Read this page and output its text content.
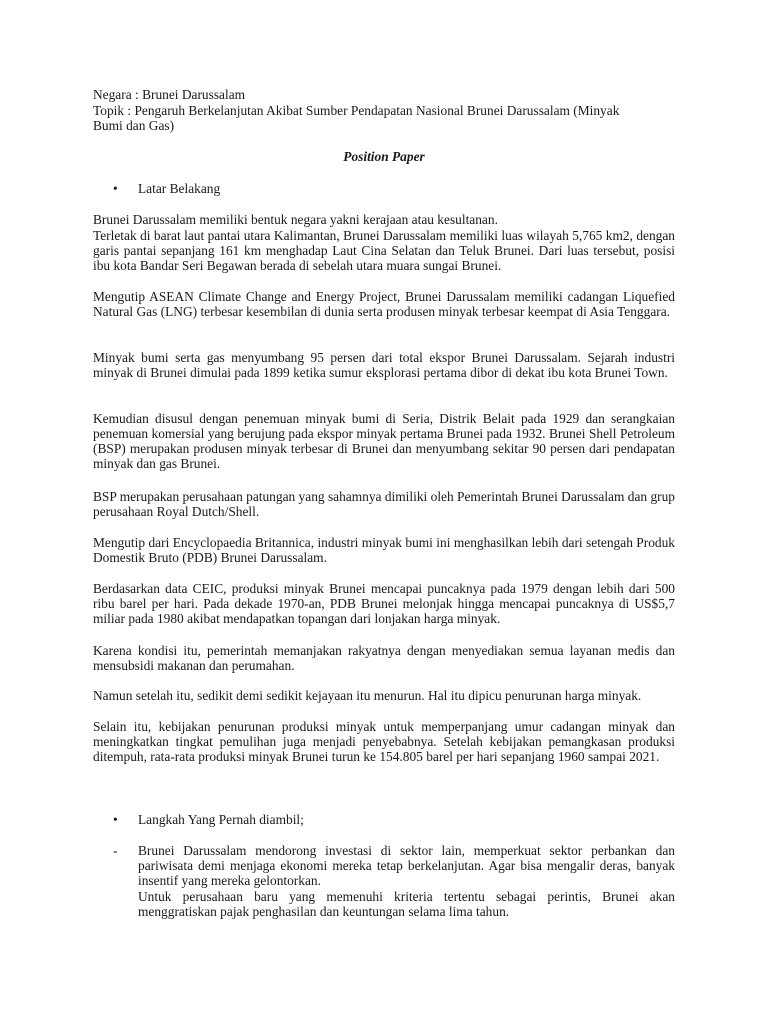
Negara : Brunei Darussalam
Topik : Pengaruh Berkelanjutan Akibat Sumber Pendapatan Nasional Brunei Darussalam (Minyak
Bumi dan Gas)
Position Paper
• Latar Belakang
Brunei Darussalam memiliki bentuk negara yakni kerajaan atau kesultanan.
Terletak di barat laut pantai utara Kalimantan, Brunei Darussalam memiliki luas wilayah 5,765 km2, dengan garis pantai sepanjang 161 km menghadap Laut Cina Selatan dan Teluk Brunei. Dari luas tersebut, posisi ibu kota Bandar Seri Begawan berada di sebelah utara muara sungai Brunei.
Mengutip ASEAN Climate Change and Energy Project, Brunei Darussalam memiliki cadangan Liquefied Natural Gas (LNG) terbesar kesembilan di dunia serta produsen minyak terbesar keempat di Asia Tenggara.
Minyak bumi serta gas menyumbang 95 persen dari total ekspor Brunei Darussalam. Sejarah industri minyak di Brunei dimulai pada 1899 ketika sumur eksplorasi pertama dibor di dekat ibu kota Brunei Town.
Kemudian disusul dengan penemuan minyak bumi di Seria, Distrik Belait pada 1929 dan serangkaian penemuan komersial yang berujung pada ekspor minyak pertama Brunei pada 1932. Brunei Shell Petroleum (BSP) merupakan produsen minyak terbesar di Brunei dan menyumbang sekitar 90 persen dari pendapatan minyak dan gas Brunei.
BSP merupakan perusahaan patungan yang sahamnya dimiliki oleh Pemerintah Brunei Darussalam dan grup perusahaan Royal Dutch/Shell.
Mengutip dari Encyclopaedia Britannica, industri minyak bumi ini menghasilkan lebih dari setengah Produk Domestik Bruto (PDB) Brunei Darussalam.
Berdasarkan data CEIC, produksi minyak Brunei mencapai puncaknya pada 1979 dengan lebih dari 500 ribu barel per hari. Pada dekade 1970-an, PDB Brunei melonjak hingga mencapai puncaknya di US$5,7 miliar pada 1980 akibat mendapatkan topangan dari lonjakan harga minyak.
Karena kondisi itu, pemerintah memanjakan rakyatnya dengan menyediakan semua layanan medis dan mensubsidi makanan dan perumahan.
Namun setelah itu, sedikit demi sedikit kejayaan itu menurun. Hal itu dipicu penurunan harga minyak.
Selain itu, kebijakan penurunan produksi minyak untuk memperpanjang umur cadangan minyak dan meningkatkan tingkat pemulihan juga menjadi penyebabnya. Setelah kebijakan pemangkasan produksi ditempuh, rata-rata produksi minyak Brunei turun ke 154.805 barel per hari sepanjang 1960 sampai 2021.
• Langkah Yang Pernah diambil;
- Brunei Darussalam mendorong investasi di sektor lain, memperkuat sektor perbankan dan pariwisata demi menjaga ekonomi mereka tetap berkelanjutan. Agar bisa mengalir deras, banyak insentif yang mereka gelontorkan.
Untuk perusahaan baru yang memenuhi kriteria tertentu sebagai perintis, Brunei akan menggratiskan pajak penghasilan dan keuntungan selama lima tahun.
